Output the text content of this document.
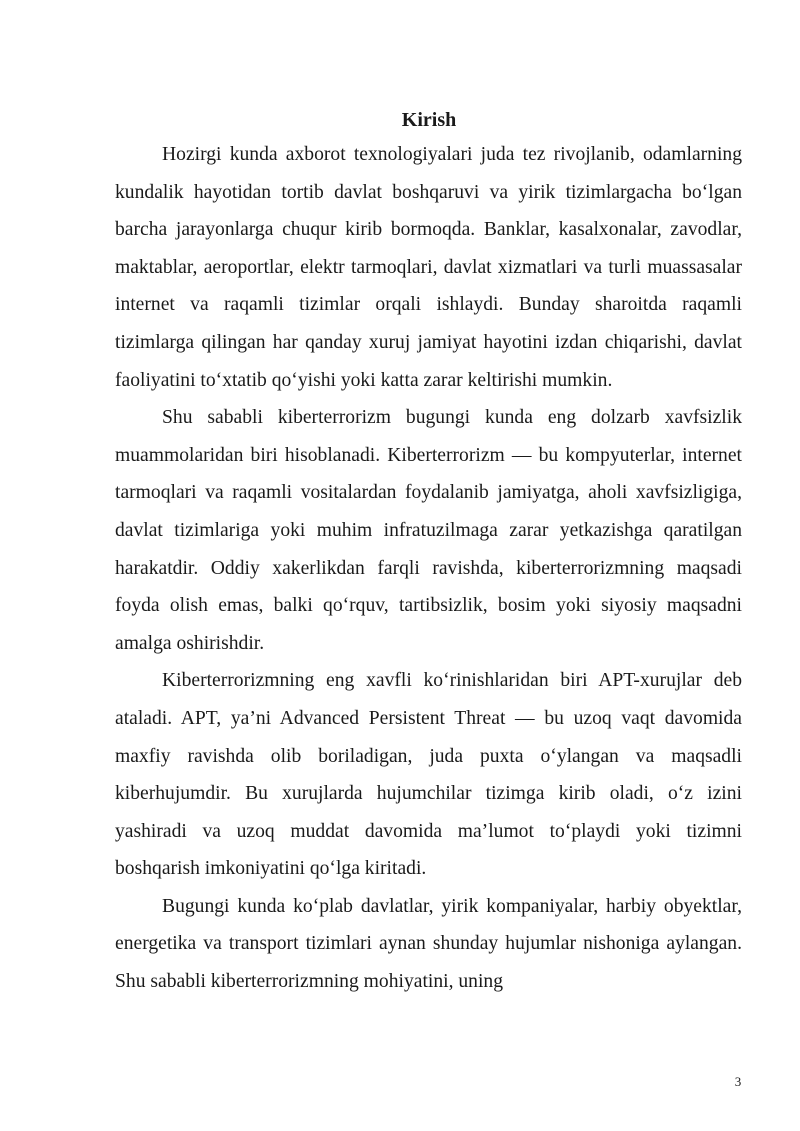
Kirish

Hozirgi kunda axborot texnologiyalari juda tez rivojlanib, odamlarning kundalik hayotidan tortib davlat boshqaruvi va yirik tizimlargacha bo‘lgan barcha jarayonlarga chuqur kirib bormoqda. Banklar, kasalxonalar, zavodlar, maktablar, aeroportlar, elektr tarmoqlari, davlat xizmatlari va turli muassasalar internet va raqamli tizimlar orqali ishlaydi. Bunday sharoitda raqamli tizimlarga qilingan har qanday xuruj jamiyat hayotini izdan chiqarishi, davlat faoliyatini to‘xtatib qo‘yishi yoki katta zarar keltirishi mumkin.

Shu sababli kiberterrorizm bugungi kunda eng dolzarb xavfsizlik muammolaridan biri hisoblanadi. Kiberterrorizm — bu kompyuterlar, internet tarmoqlari va raqamli vositalardan foydalanib jamiyatga, aholi xavfsizligiga, davlat tizimlariga yoki muhim infratuzilmaga zarar yetkazishga qaratilgan harakatdir. Oddiy xakerlikdan farqli ravishda, kiberterrorizmning maqsadi foyda olish emas, balki qo‘rquv, tartibsizlik, bosim yoki siyosiy maqsadni amalga oshirishdir.

Kiberterrorizmning eng xavfli ko‘rinishlaridan biri APT-xurujlar deb ataladi. APT, ya’ni Advanced Persistent Threat — bu uzoq vaqt davomida maxfiy ravishda olib boriladigan, juda puxta o‘ylangan va maqsadli kiberhujumdir. Bu xurujlarda hujumchilar tizimga kirib oladi, o‘z izini yashiradi va uzoq muddat davomida ma’lumot to‘playdi yoki tizimni boshqarish imkoniyatini qo‘lga kiritadi.

Bugungi kunda ko‘plab davlatlar, yirik kompaniyalar, harbiy obyektlar, energetika va transport tizimlari aynan shunday hujumlar nishoniga aylangan. Shu sababli kiberterrorizmning mohiyatini, uning

3
